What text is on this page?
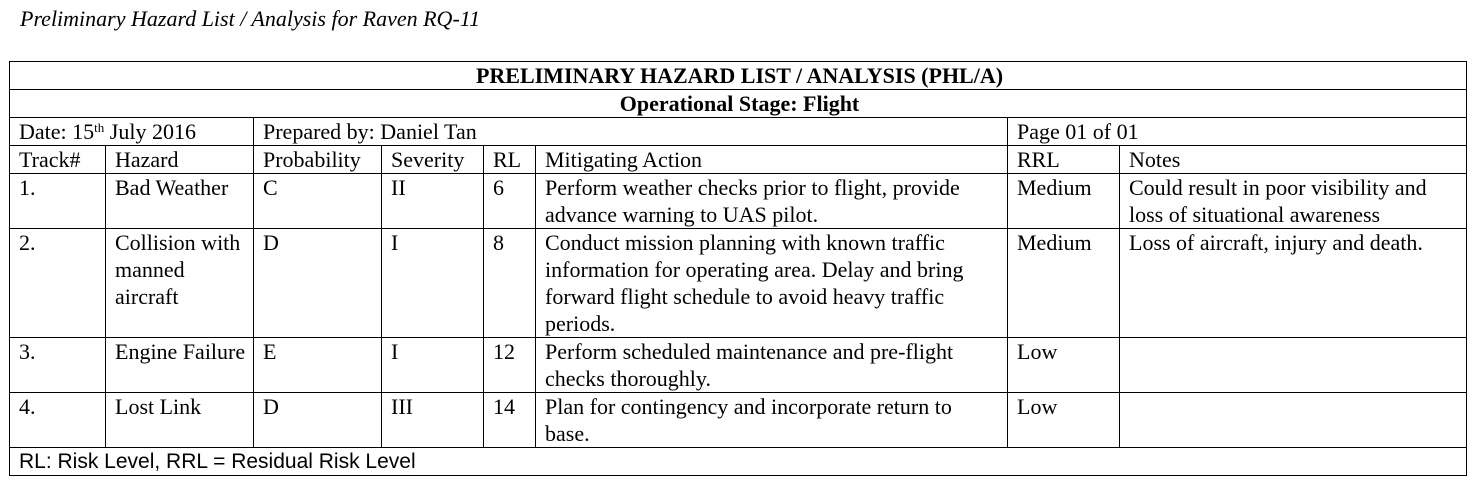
Preliminary Hazard List / Analysis for Raven RQ-11
PRELIMINARY HAZARD LIST / ANALYSIS (PHL/A)							
Operational Stage: Flight							
Date: 15th July 2016		Prepared by: Daniel Tan				Page 01 of 01	
Track#	Hazard	Probability	Severity	RL	Mitigating Action	RRL	Notes
1.	Bad Weather	C	II	6	Perform weather checks prior to flight, provide advance warning to UAS pilot.	Medium	Could result in poor visibility and loss of situational awareness
2.	Collision with manned aircraft	D	I	8	Conduct mission planning with known traffic information for operating area. Delay and bring forward flight schedule to avoid heavy traffic periods.	Medium	Loss of aircraft, injury and death.
3.	Engine Failure	E	I	12	Perform scheduled maintenance and pre-flight checks thoroughly.	Low	
4.	Lost Link	D	III	14	Plan for contingency and incorporate return to base.	Low	
RL: Risk Level, RRL = Residual Risk Level							
